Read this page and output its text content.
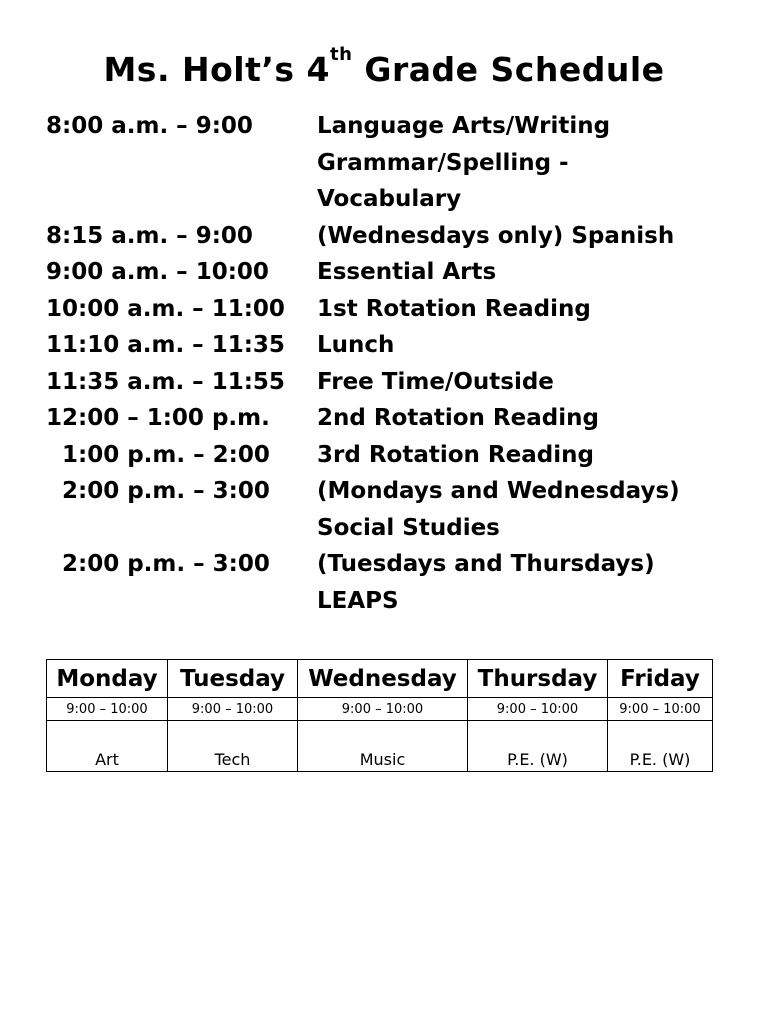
Ms. Holt’s 4th Grade Schedule
8:00 a.m. – 9:00	Language Arts/Writing
Grammar/Spelling -
Vocabulary
8:15 a.m. – 9:00	(Wednesdays only) Spanish
9:00 a.m. – 10:00	Essential Arts
10:00 a.m. – 11:00	1st Rotation Reading
11:10 a.m. – 11:35	Lunch
11:35 a.m. – 11:55	Free Time/Outside
12:00 – 1:00 p.m.	2nd Rotation Reading
1:00 p.m. – 2:00	3rd Rotation Reading
2:00 p.m. – 3:00	(Mondays and Wednesdays)
Social Studies
2:00 p.m. – 3:00	(Tuesdays and Thursdays)
LEAPS
Monday	Tuesday	Wednesday	Thursday	Friday
9:00 – 10:00	9:00 – 10:00	9:00 – 10:00	9:00 – 10:00	9:00 – 10:00
Art	Tech	Music	P.E. (W)	P.E. (W)
